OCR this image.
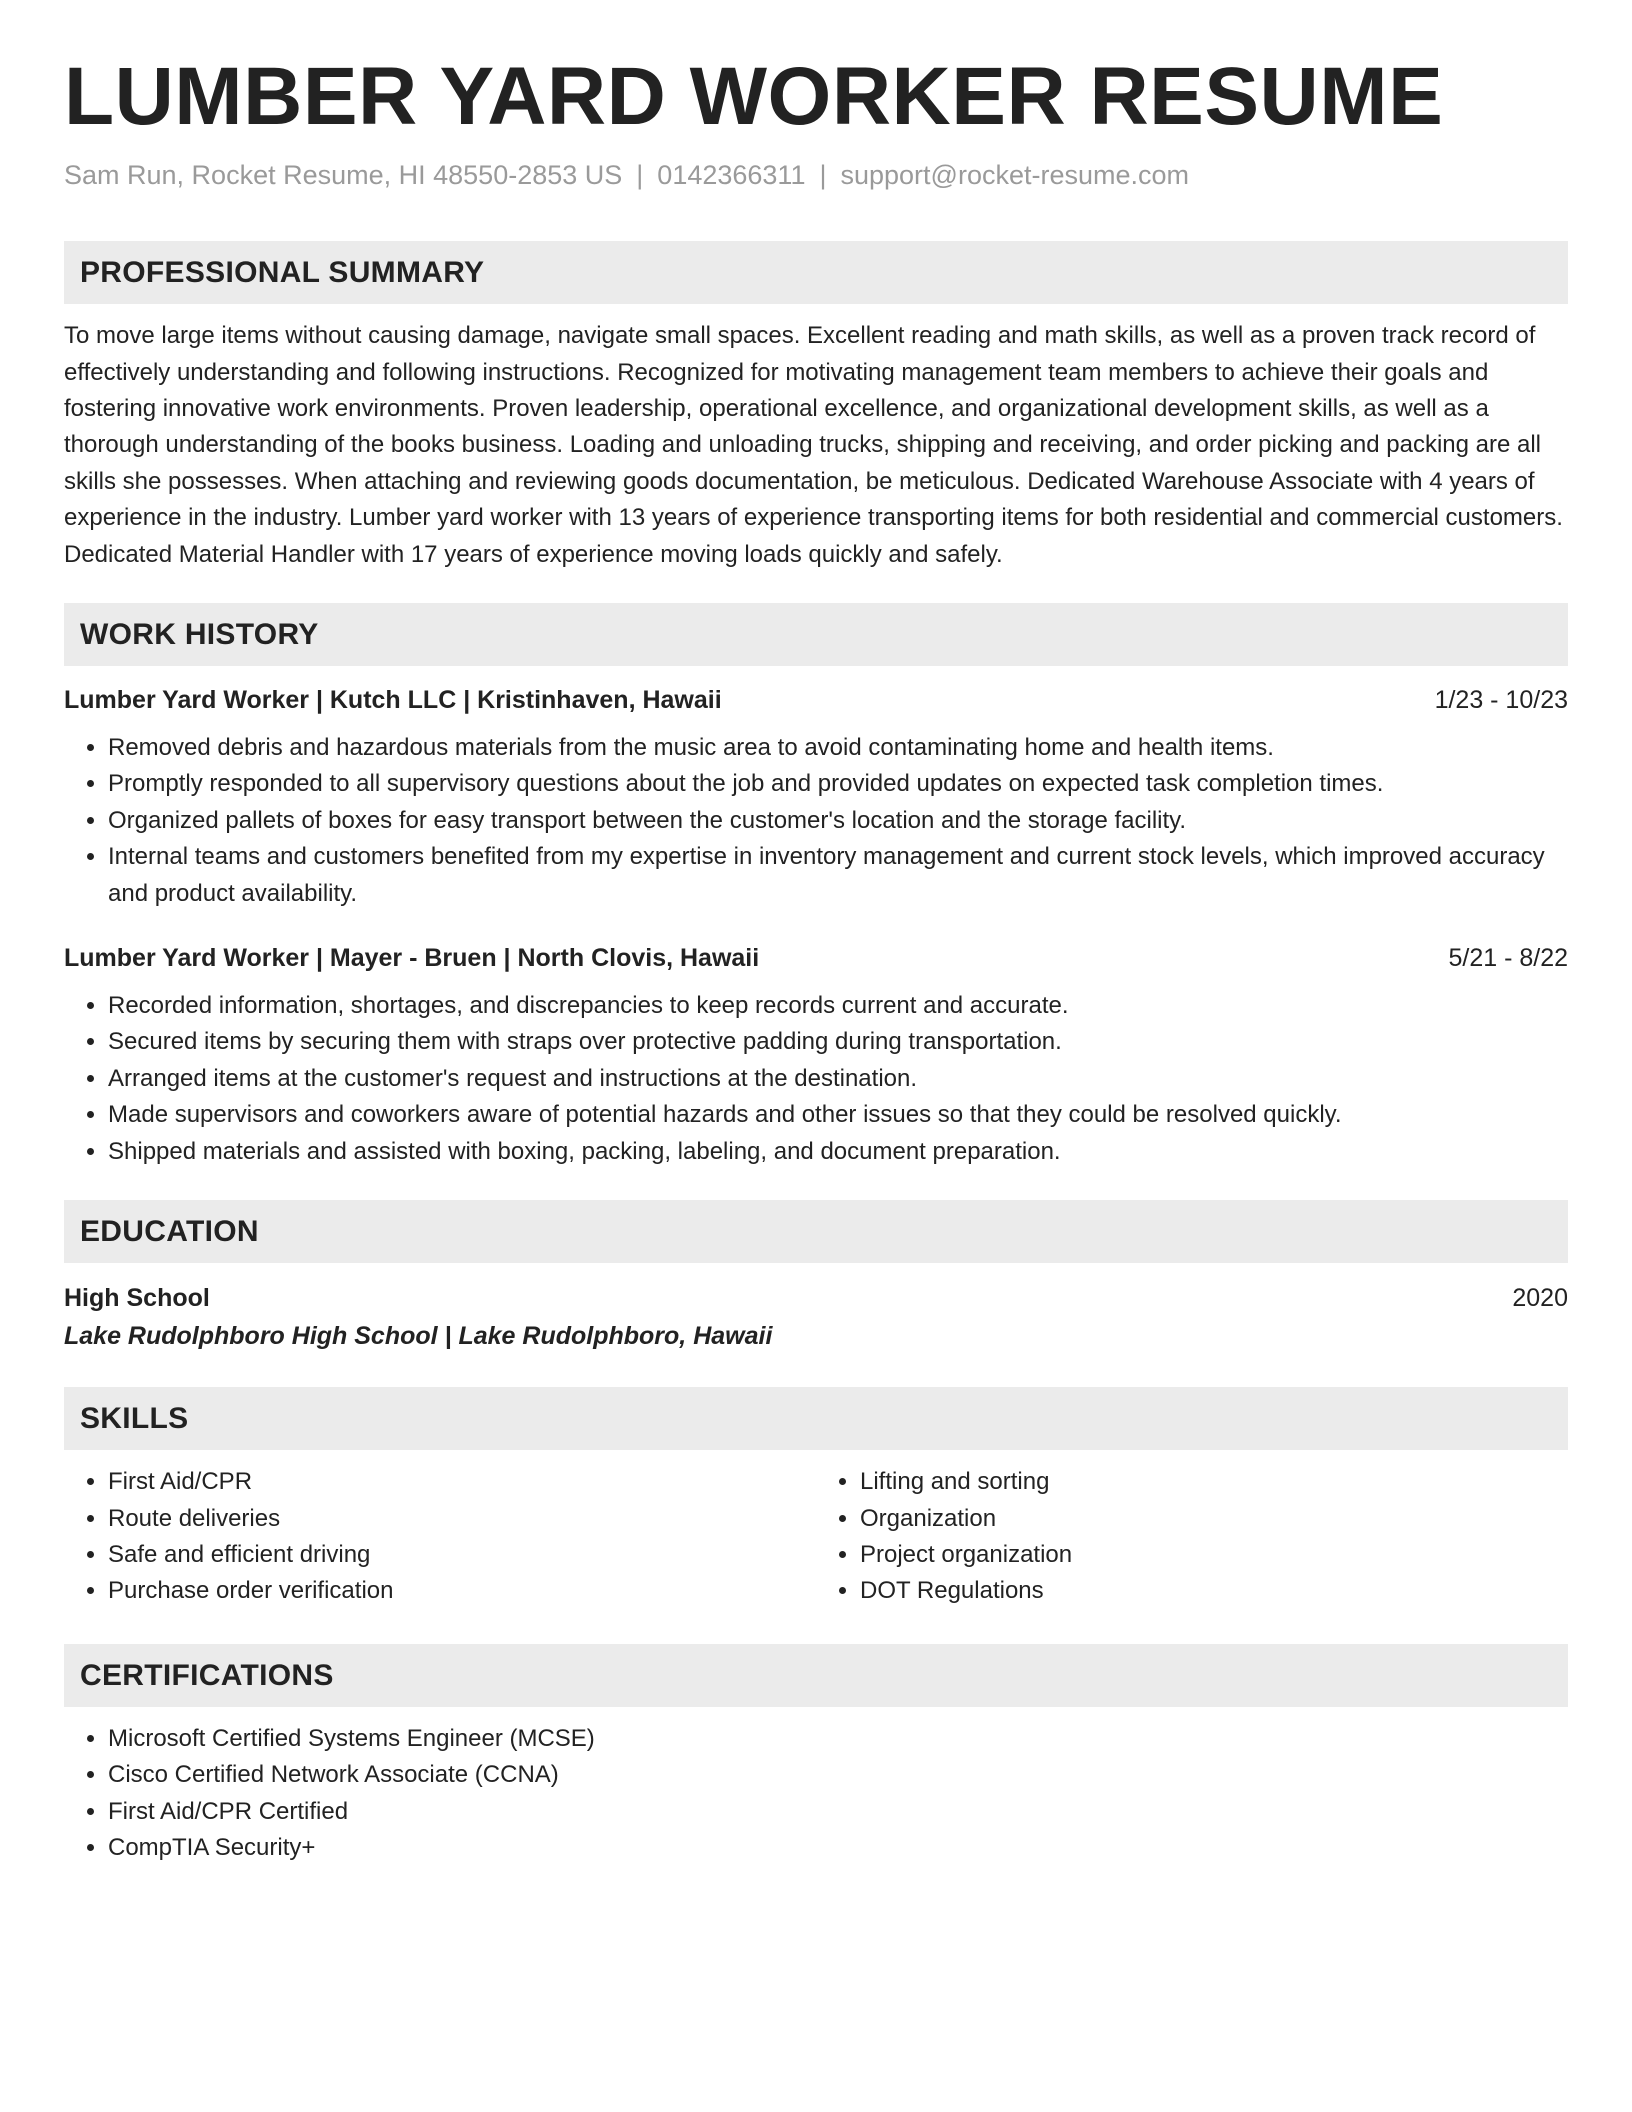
LUMBER YARD WORKER RESUME
Sam Run, Rocket Resume, HI 48550-2853 US | 0142366311 | support@rocket-resume.com
PROFESSIONAL SUMMARY

To move large items without causing damage, navigate small spaces. Excellent reading and math skills, as well as a proven track record of effectively understanding and following instructions. Recognized for motivating management team members to achieve their goals and fostering innovative work environments. Proven leadership, operational excellence, and organizational development skills, as well as a thorough understanding of the books business. Loading and unloading trucks, shipping and receiving, and order picking and packing are all skills she possesses. When attaching and reviewing goods documentation, be meticulous. Dedicated Warehouse Associate with 4 years of experience in the industry. Lumber yard worker with 13 years of experience transporting items for both residential and commercial customers. Dedicated Material Handler with 17 years of experience moving loads quickly and safely.

WORK HISTORY
Lumber Yard Worker | Kutch LLC | Kristinhaven, Hawaii	1/23 - 10/23
• Removed debris and hazardous materials from the music area to avoid contaminating home and health items.
• Promptly responded to all supervisory questions about the job and provided updates on expected task completion times.
• Organized pallets of boxes for easy transport between the customer's location and the storage facility.
• Internal teams and customers benefited from my expertise in inventory management and current stock levels, which improved accuracy and product availability.
Lumber Yard Worker | Mayer - Bruen | North Clovis, Hawaii	5/21 - 8/22
• Recorded information, shortages, and discrepancies to keep records current and accurate.
• Secured items by securing them with straps over protective padding during transportation.
• Arranged items at the customer's request and instructions at the destination.
• Made supervisors and coworkers aware of potential hazards and other issues so that they could be resolved quickly.
• Shipped materials and assisted with boxing, packing, labeling, and document preparation.
EDUCATION
High School	2020
Lake Rudolphboro High School | Lake Rudolphboro, Hawaii
SKILLS
• First Aid/CPR
• Route deliveries
• Safe and efficient driving
• Purchase order verification
• Lifting and sorting
• Organization
• Project organization
• DOT Regulations
CERTIFICATIONS
• Microsoft Certified Systems Engineer (MCSE)
• Cisco Certified Network Associate (CCNA)
• First Aid/CPR Certified
• CompTIA Security+
